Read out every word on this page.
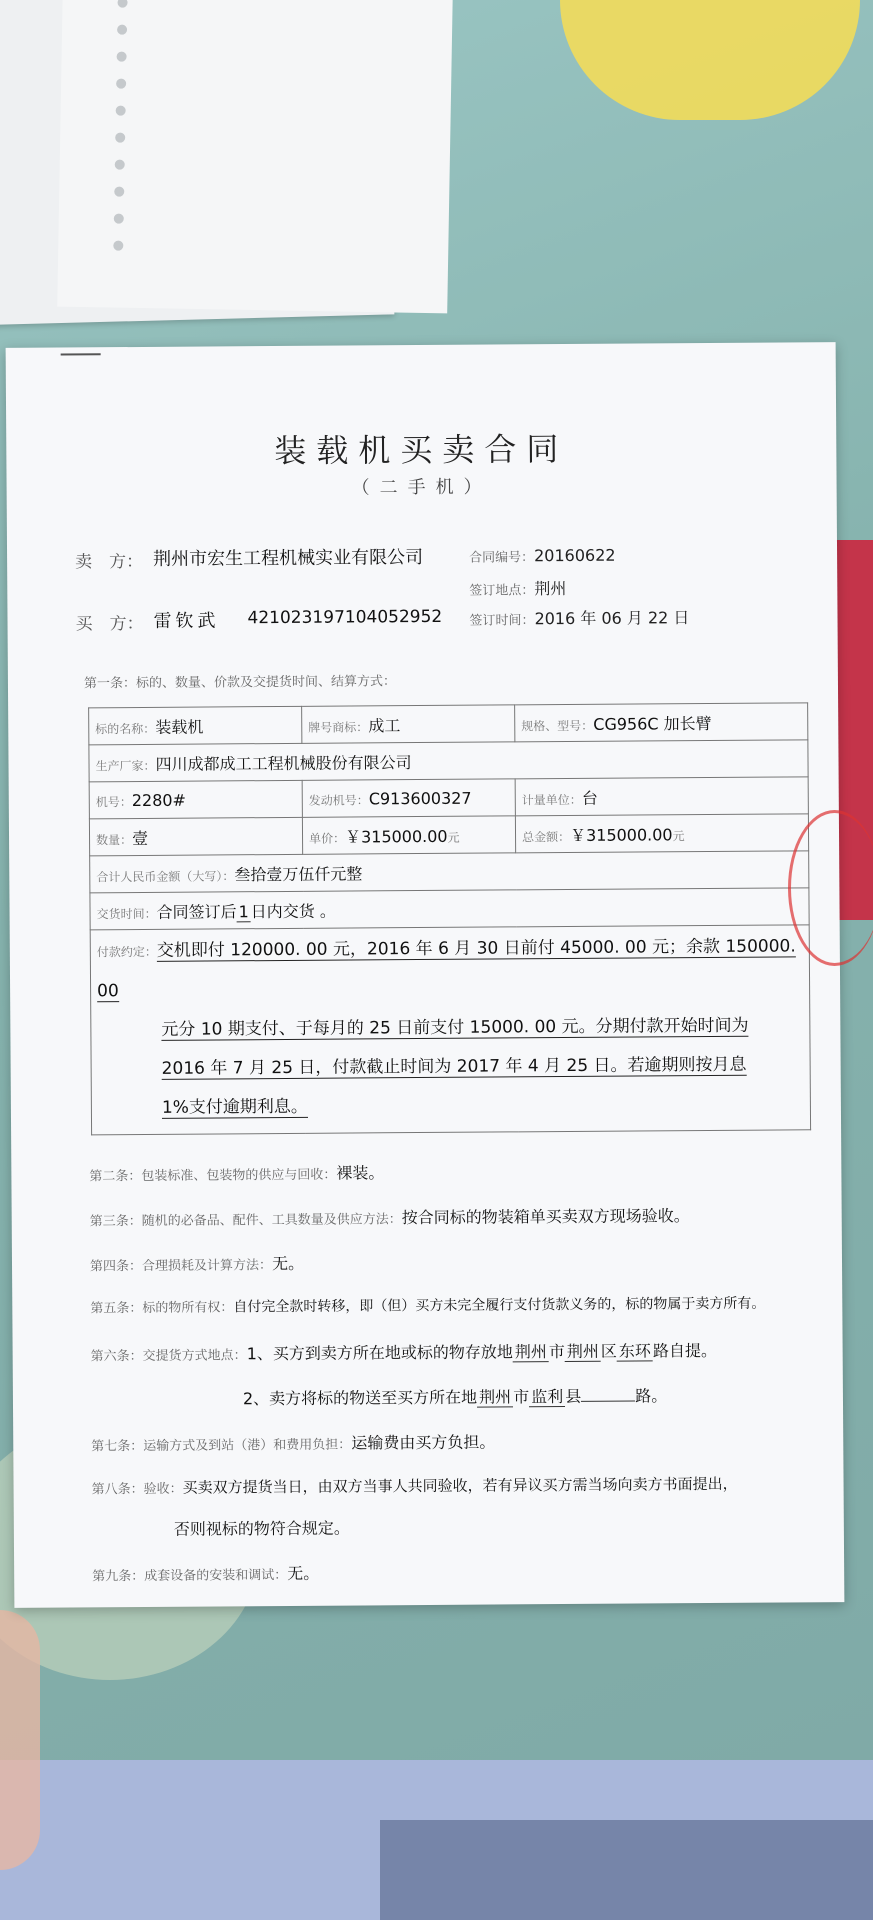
装载机买卖合同
（二手机）
卖　方： 荆州市宏生工程机械实业有限公司	合同编号：20160622
签订地点：荆州
买　方： 雷钦武 421023197104052952 签订时间：2016 年 06 月 22 日
第一条：标的、数量、价款及交提货时间、结算方式：
标的名称：装载机	牌号商标：成工	规格、型号：CG956C 加长臂
生产厂家：四川成都成工工程机械股份有限公司		
机号：2280#	发动机号：C913600327	计量单位：台
数量：壹	单价：￥315000.00元	总金额：￥315000.00元
合计人民币金额（大写）：叁拾壹万伍仟元整		
交货时间：合同签订后 1 日内交货 。		

付款约定：交机即付 120000. 00 元，2016 年 6 月 30 日前付 45000. 00 元；余款 150000. 00
元分 10 期支付、于每月的 25 日前支付 15000. 00 元。分期付款开始时间为
2016 年 7 月 25 日，付款截止时间为 2017 年 4 月 25 日。若逾期则按月息
1%支付逾期利息。		
第二条：包装标准、包装物的供应与回收：裸装。
第三条：随机的必备品、配件、工具数量及供应方法：按合同标的物装箱单买卖双方现场验收。
第四条：合理损耗及计算方法：无。
第五条：标的物所有权：自付完全款时转移，即（但）买方未完全履行支付货款义务的，标的物属于卖方所有。
第六条：交提货方式地点：1、买方到卖方所在地或标的物存放地 荆州 市 荆州 区 东环 路自提。
2、卖方将标的物送至买方所在地 荆州 市 监利 县	路。
第七条：运输方式及到站（港）和费用负担：运输费由买方负担。
第八条：验收：买卖双方提货当日，由双方当事人共同验收，若有异议买方需当场向卖方书面提出，
否则视标的物符合规定。
第九条：成套设备的安装和调试：无。
